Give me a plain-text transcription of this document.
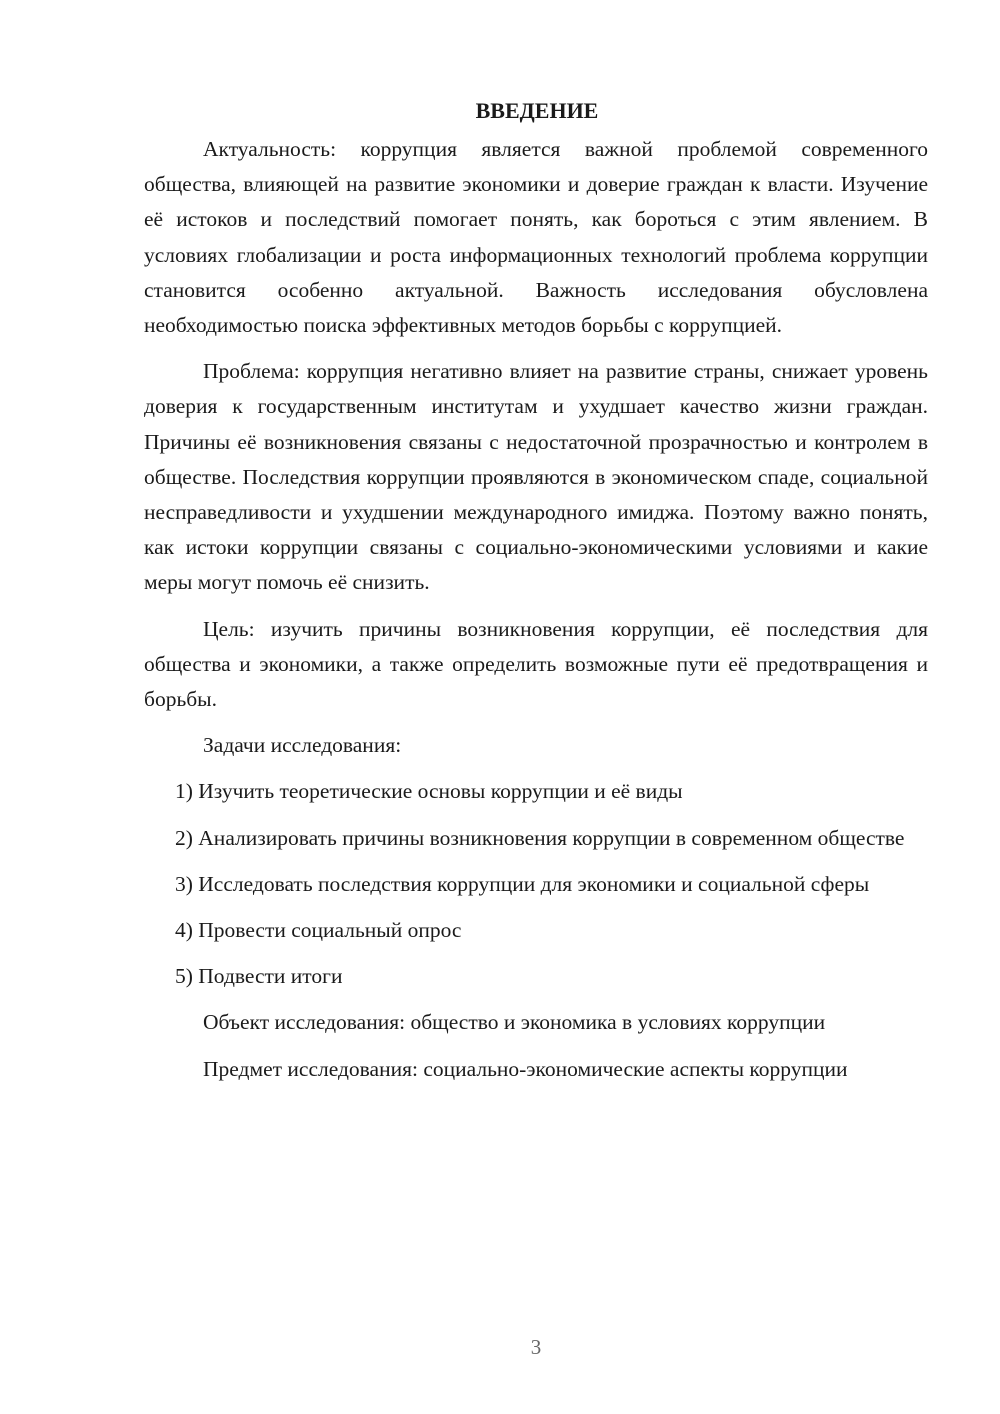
ВВЕДЕНИЕ

Актуальность: коррупция является важной проблемой современного общества, влияющей на развитие экономики и доверие граждан к власти. Изучение её истоков и последствий помогает понять, как бороться с этим явлением. В условиях глобализации и роста информационных технологий проблема коррупции становится особенно актуальной. Важность исследования обусловлена необходимостью поиска эффективных методов борьбы с коррупцией.

Проблема: коррупция негативно влияет на развитие страны, снижает уровень доверия к государственным институтам и ухудшает качество жизни граждан. Причины её возникновения связаны с недостаточной прозрачностью и контролем в обществе. Последствия коррупции проявляются в экономическом спаде, социальной несправедливости и ухудшении международного имиджа. Поэтому важно понять, как истоки коррупции связаны с социально-экономическими условиями и какие меры могут помочь её снизить.

Цель: изучить причины возникновения коррупции, её последствия для общества и экономики, а также определить возможные пути её предотвращения и борьбы.

Задачи исследования:

1) Изучить теоретические основы коррупции и её виды

2) Анализировать причины возникновения коррупции в современном обществе

3) Исследовать последствия коррупции для экономики и социальной сферы

4) Провести социальный опрос

5) Подвести итоги

Объект исследования: общество и экономика в условиях коррупции

Предмет исследования: социально-экономические аспекты коррупции

3
